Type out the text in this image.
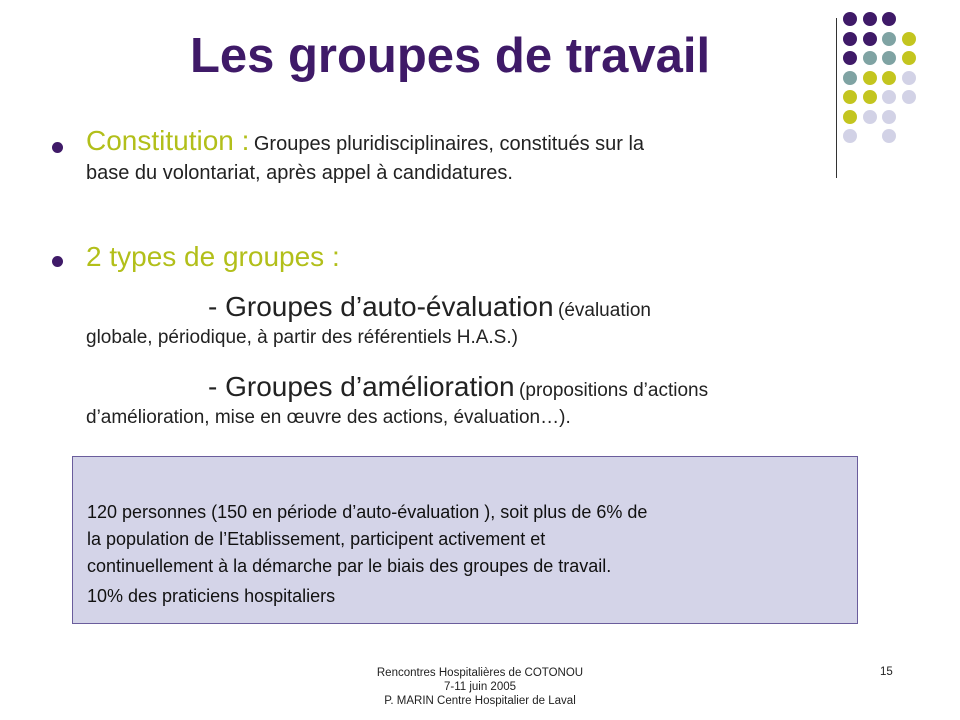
Les groupes de travail
Constitution : Groupes pluridisciplinaires, constitués sur la
base du volontariat, après appel à candidatures.
2 types de groupes :
- Groupes d’auto-évaluation (évaluation
globale, périodique, à partir des référentiels H.A.S.)
- Groupes d’amélioration (propositions d’actions
d’amélioration, mise en œuvre des actions, évaluation…).
120 personnes (150 en période d’auto-évaluation ), soit plus de 6% de
la population de l’Etablissement, participent activement et
continuellement à la démarche par le biais des groupes de travail.
10% des praticiens hospitaliers
Rencontres Hospitalières de COTONOU
7-11 juin 2005
P. MARIN Centre Hospitalier de Laval
15
